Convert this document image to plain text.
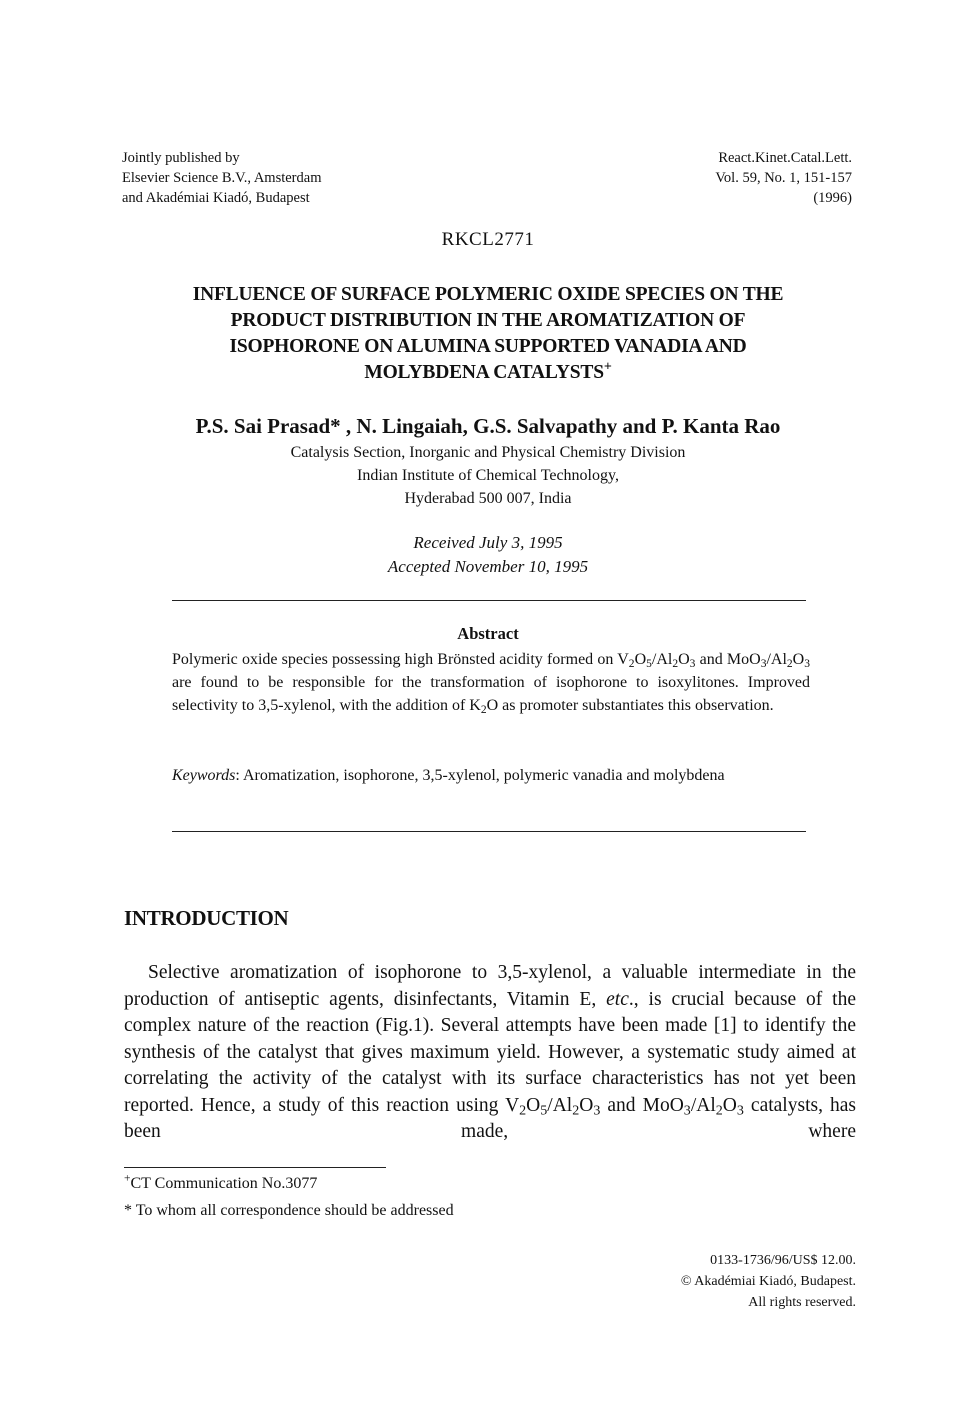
Jointly published by
Elsevier Science B.V., Amsterdam
and Akadémiai Kiadó, Budapest
React.Kinet.Catal.Lett.
Vol. 59, No. 1, 151-157
(1996)
RKCL2771
INFLUENCE OF SURFACE POLYMERIC OXIDE SPECIES ON THE
PRODUCT DISTRIBUTION IN THE AROMATIZATION OF
ISOPHORONE ON ALUMINA SUPPORTED VANADIA AND
MOLYBDENA CATALYSTS+
P.S. Sai Prasad* , N. Lingaiah, G.S. Salvapathy and P. Kanta Rao
Catalysis Section, Inorganic and Physical Chemistry Division
Indian Institute of Chemical Technology,
Hyderabad 500 007, India
Received July 3, 1995
Accepted November 10, 1995
Abstract
Polymeric oxide species possessing high Brönsted acidity formed on $V_2O_5/Al_2O_3$ and $MoO_3/Al_2O_3$ are found to be responsible for the transformation of isophorone to isoxylitones. Improved selectivity to 3,5-xylenol, with the addition of $K_2O$ as promoter substantiates this observation.
Keywords: Aromatization, isophorone, 3,5-xylenol, polymeric vanadia and molybdena
INTRODUCTION

Selective aromatization of isophorone to 3,5-xylenol, a valuable intermediate in the production of antiseptic agents, disinfectants, Vitamin E, etc., is crucial because of the complex nature of the reaction (Fig.1). Several attempts have been made [1] to identify the synthesis of the catalyst that gives maximum yield. However, a systematic study aimed at correlating the activity of the catalyst with its surface characteristics has not yet been reported. Hence, a study of this reaction using $V_2O_5/Al_2O_3$ and $MoO_3/Al_2O_3$ catalysts, has been made, where

+CT Communication No.3077
* To whom all correspondence should be addressed
0133-1736/96/US$ 12.00.
© Akadémiai Kiadó, Budapest.
All rights reserved.
